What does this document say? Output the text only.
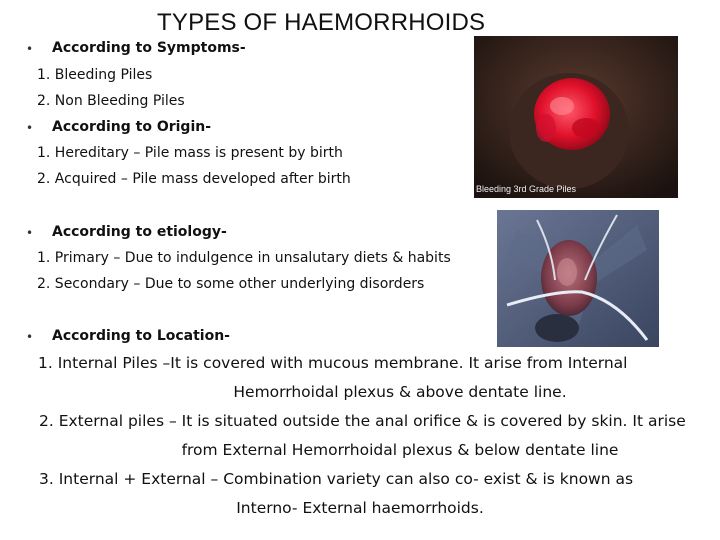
TYPES OF HAEMORRHOIDS
• According to Symptoms-
1. Bleeding Piles
2. Non Bleeding Piles
• According to Origin-
1. Hereditary – Pile mass is present by birth
2. Acquired – Pile mass developed after birth
• According to etiology-
1. Primary – Due to indulgence in unsalutary diets & habits
2. Secondary – Due to some other underlying disorders
• According to Location-
1. Internal Piles –It is covered with mucous membrane. It arise from Internal
Hemorrhoidal plexus & above dentate line.
2. External piles – It is situated outside the anal orifice & is covered by skin. It arise
from External Hemorrhoidal plexus & below dentate line
3. Internal + External – Combination variety can also co- exist & is known as
Interno- External haemorrhoids.
Bleeding 3rd Grade Piles
